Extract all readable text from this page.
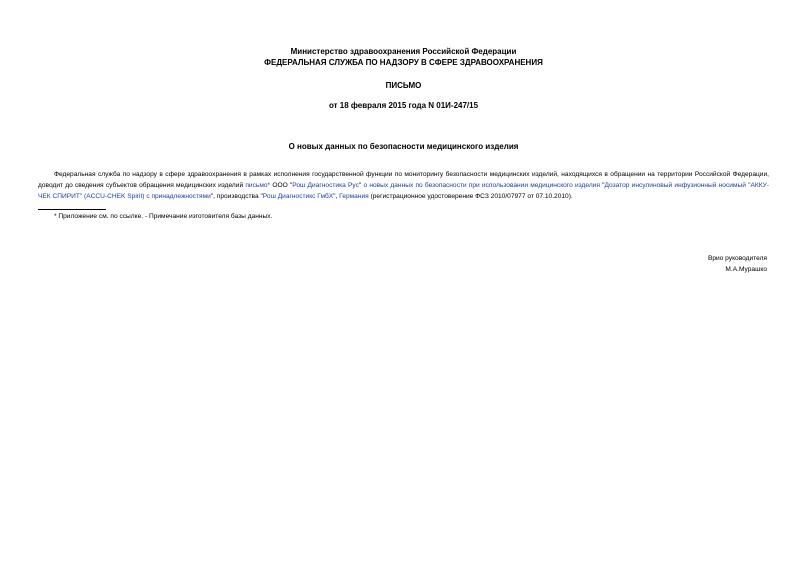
Министерство здравоохранения Российской Федерации
ФЕДЕРАЛЬНАЯ СЛУЖБА ПО НАДЗОРУ В СФЕРЕ ЗДРАВООХРАНЕНИЯ
ПИСЬМО
от 18 февраля 2015 года N 01И-247/15
О новых данных по безопасности медицинского изделия
Федеральная служба по надзору в сфере здравоохранения в рамках исполнения государственной функции по мониторингу безопасности медицинских изделий, находящихся в обращении на территории Российской Федерации, доводит до сведения субъектов обращения медицинских изделий письмо* ООО "Рош Диагностика Рус" о новых данных по безопасности при использовании медицинского изделия "Дозатор инсулиновый инфузионный носимый "АККУ-ЧЕК СПИРИТ" (ACCU-CHEK Spirit) с принадлежностями", производства "Рош Диагностикс ГмбХ", Германия (регистрационное удостоверение ФСЗ 2010/07977 от 07.10.2010).
* Приложение см. по ссылке. - Примечание изготовителя базы данных.
Врио руководителя
М.А.Мурашко
